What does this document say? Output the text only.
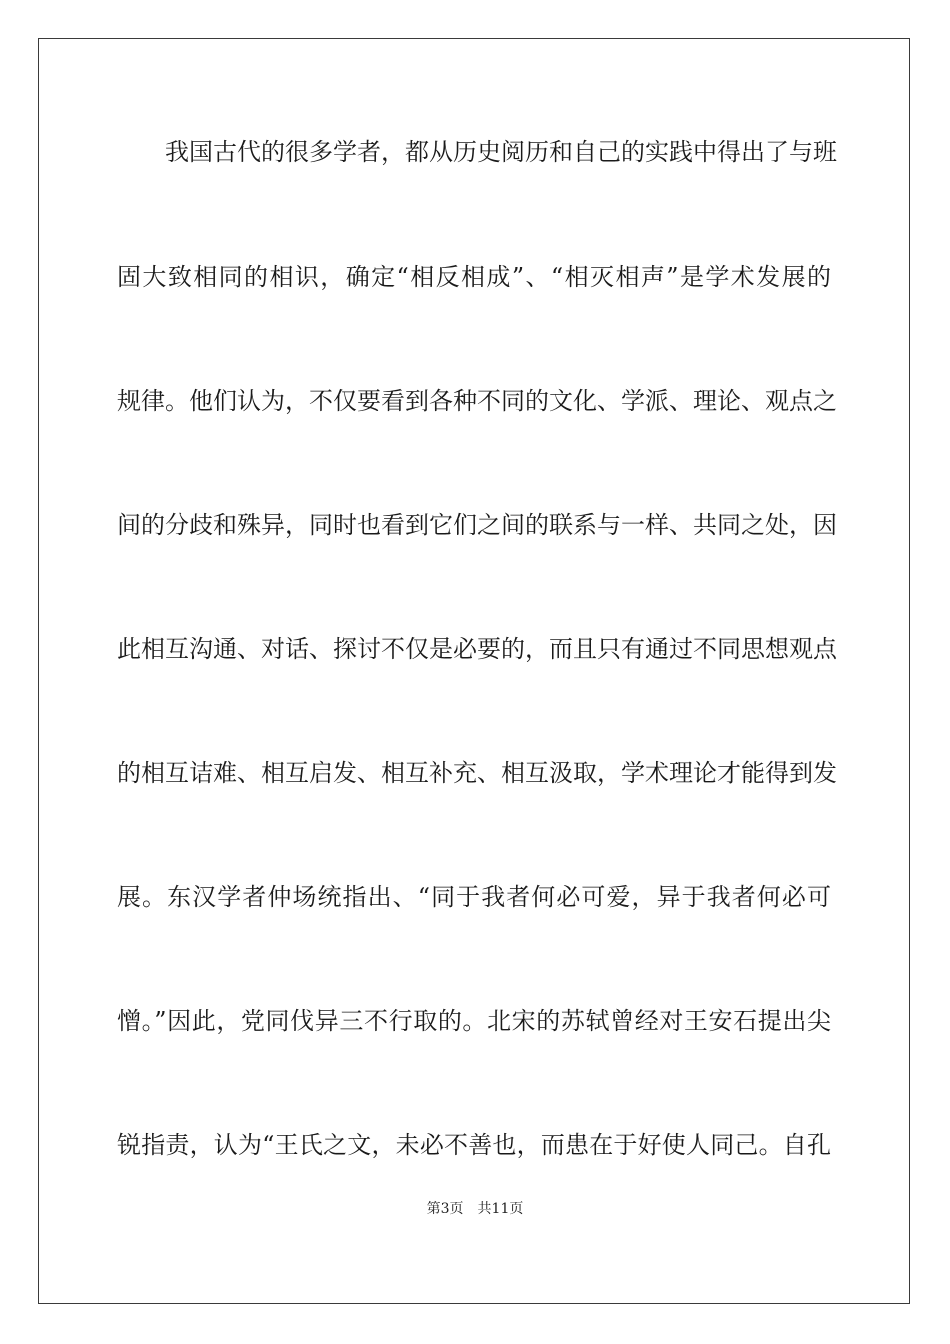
我国古代的很多学者，都从历史阅历和自己的实践中得出了与班
固大致相同的相识，确定“相反相成”、“相灭相声”是学术发展的
规律。他们认为，不仅要看到各种不同的文化、学派、理论、观点之
间的分歧和殊异，同时也看到它们之间的联系与一样、共同之处，因
此相互沟通、对话、探讨不仅是必要的，而且只有通过不同思想观点
的相互诘难、相互启发、相互补充、相互汲取，学术理论才能得到发
展。东汉学者仲场统指出、“同于我者何必可爱，异于我者何必可
憎。”因此，党同伐异三不行取的。北宋的苏轼曾经对王安石提出尖
锐指责，认为“王氏之文，未必不善也，而患在于好使人同己。自孔
第3页 共11页
